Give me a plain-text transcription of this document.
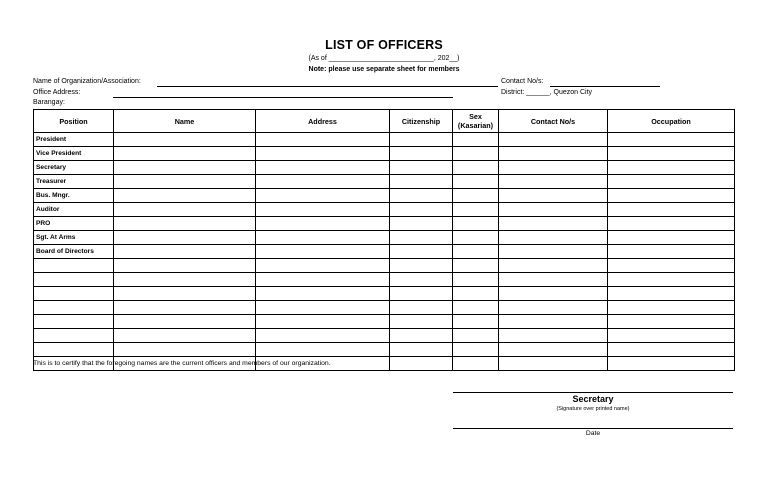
LIST OF OFFICERS
(As of ___________________________, 202__)
Note: please use separate sheet for members
Name of Organization/Association:	Contact No/s:
Office Address:	District: ______, Quezon City
Barangay:
Position	Name	Address	Citizenship	Sex
(Kasarian)	Contact No/s	Occupation
President						
Vice President						
Secretary						
Treasurer						
Bus. Mngr.						
Auditor						
PRO						
Sgt. At Arms						
Board of Directors						

This is to certify that the foregoing names are the current officers and members of our organization.
Secretary
(Signature over printed name)
Date
